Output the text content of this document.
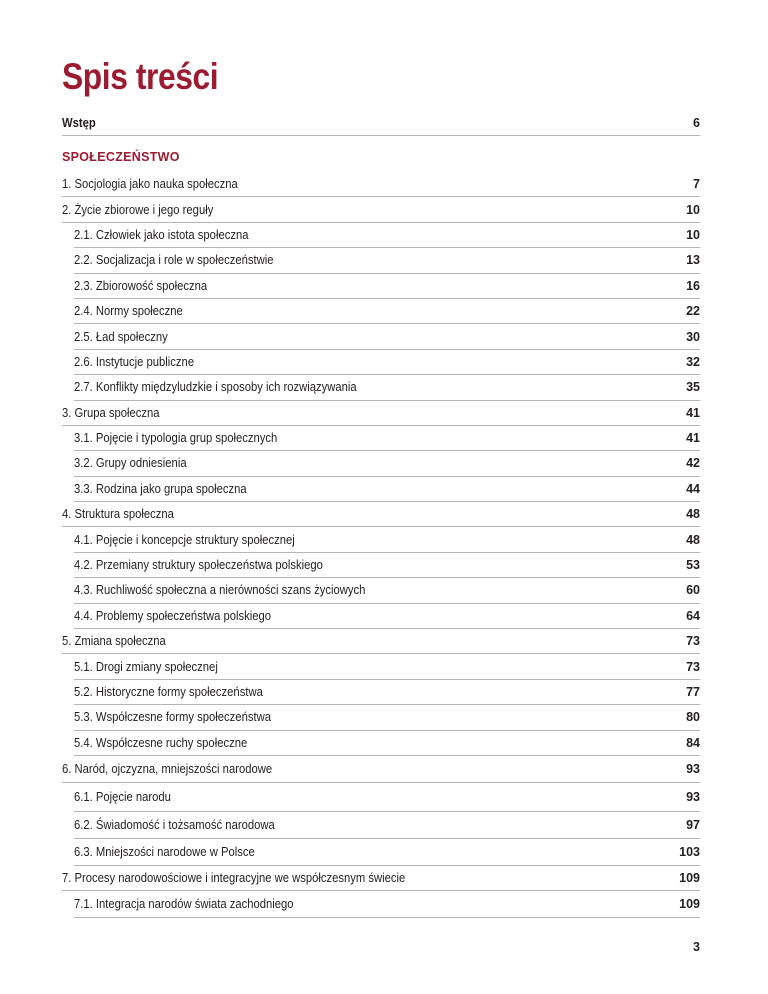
Spis treści
Wstęp	6
SPOŁECZEŃSTWO
1. Socjologia jako nauka społeczna	7
2. Życie zbiorowe i jego reguły	10
2.1. Człowiek jako istota społeczna	10
2.2. Socjalizacja i role w społeczeństwie	13
2.3. Zbiorowość społeczna	16
2.4. Normy społeczne	22
2.5. Ład społeczny	30
2.6. Instytucje publiczne	32
2.7. Konflikty międzyludzkie i sposoby ich rozwiązywania	35
3. Grupa społeczna	41
3.1. Pojęcie i typologia grup społecznych	41
3.2. Grupy odniesienia	42
3.3. Rodzina jako grupa społeczna	44
4. Struktura społeczna	48
4.1. Pojęcie i koncepcje struktury społecznej	48
4.2. Przemiany struktury społeczeństwa polskiego	53
4.3. Ruchliwość społeczna a nierówności szans życiowych	60
4.4. Problemy społeczeństwa polskiego	64
5. Zmiana społeczna	73
5.1. Drogi zmiany społecznej	73
5.2. Historyczne formy społeczeństwa	77
5.3. Współczesne formy społeczeństwa	80
5.4. Współczesne ruchy społeczne	84
6. Naród, ojczyzna, mniejszości narodowe	93
6.1. Pojęcie narodu	93
6.2. Świadomość i tożsamość narodowa	97
6.3. Mniejszości narodowe w Polsce	103
7. Procesy narodowościowe i integracyjne we współczesnym świecie	109
7.1. Integracja narodów świata zachodniego	109
3
